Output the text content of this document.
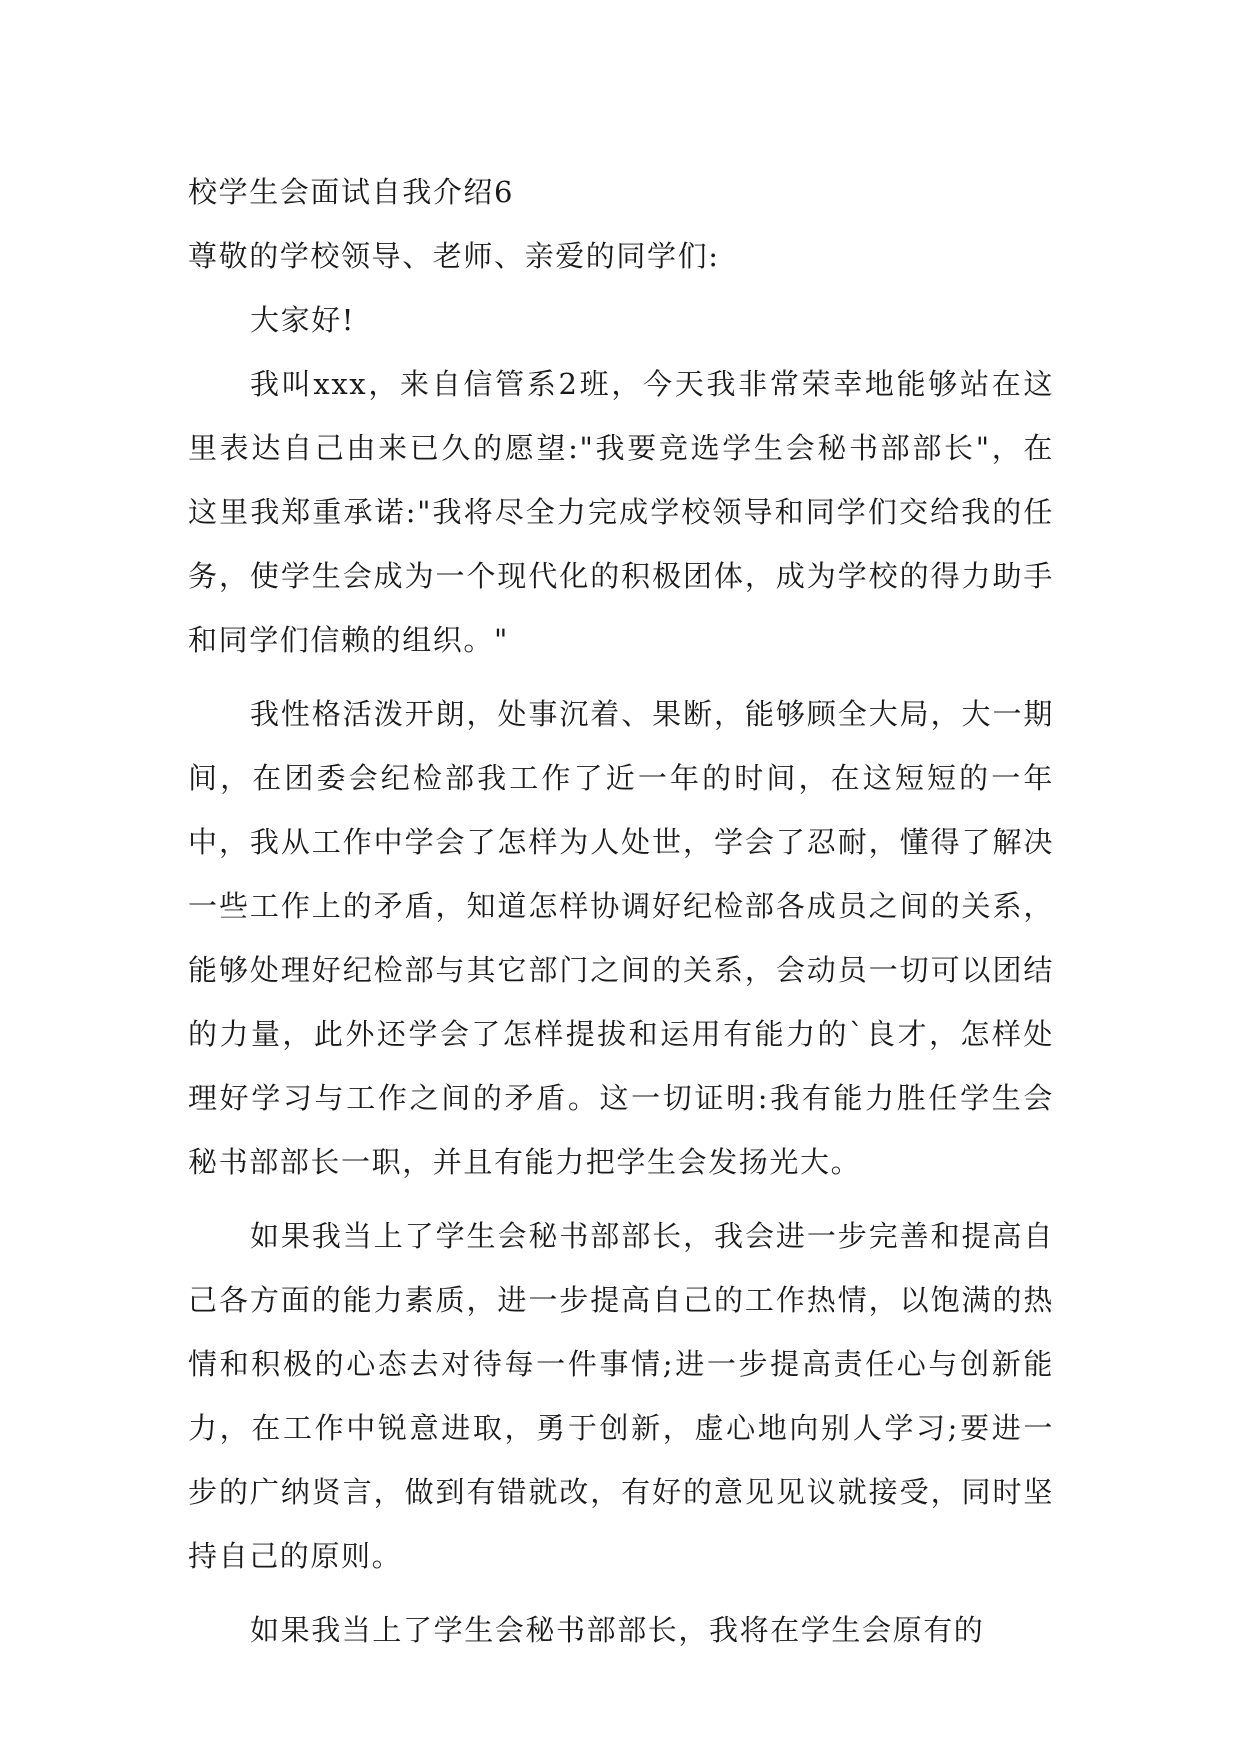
校学生会面试自我介绍6

尊敬的学校领导、老师、亲爱的同学们:

大家好!

我叫xxx，来自信管系2班，今天我非常荣幸地能够站在这里表达自己由来已久的愿望:"我要竞选学生会秘书部部长"，在这里我郑重承诺:"我将尽全力完成学校领导和同学们交给我的任务，使学生会成为一个现代化的积极团体，成为学校的得力助手和同学们信赖的组织。"

我性格活泼开朗，处事沉着、果断，能够顾全大局，大一期间，在团委会纪检部我工作了近一年的时间，在这短短的一年中，我从工作中学会了怎样为人处世，学会了忍耐，懂得了解决一些工作上的矛盾，知道怎样协调好纪检部各成员之间的关系，能够处理好纪检部与其它部门之间的关系，会动员一切可以团结的力量，此外还学会了怎样提拔和运用有能力的`良才，怎样处理好学习与工作之间的矛盾。这一切证明:我有能力胜任学生会秘书部部长一职，并且有能力把学生会发扬光大。

如果我当上了学生会秘书部部长，我会进一步完善和提高自己各方面的能力素质，进一步提高自己的工作热情，以饱满的热情和积极的心态去对待每一件事情;进一步提高责任心与创新能力，在工作中锐意进取，勇于创新，虚心地向别人学习;要进一步的广纳贤言，做到有错就改，有好的意见见议就接受，同时坚持自己的原则。

如果我当上了学生会秘书部部长，我将在学生会原有的
